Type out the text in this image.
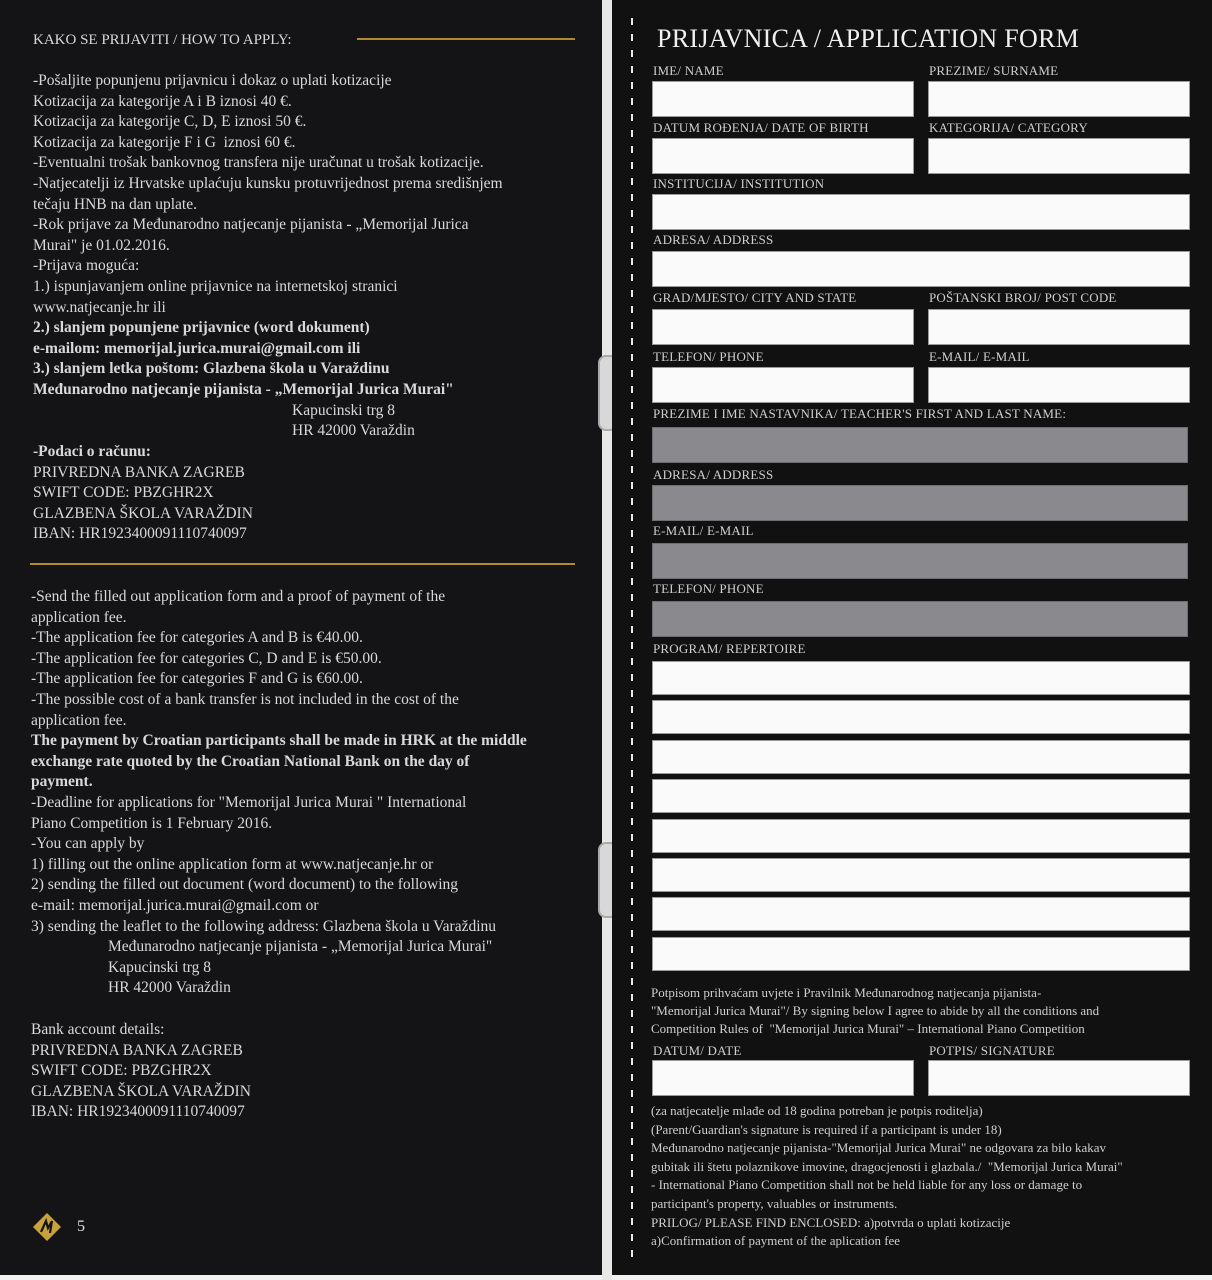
KAKO SE PRIJAVITI / HOW TO APPLY:
-Pošaljite popunjenu prijavnicu i dokaz o uplati kotizacije
Kotizacija za kategorije A i B iznosi 40 €.
Kotizacija za kategorije C, D, E iznosi 50 €.
Kotizacija za kategorije F i G  iznosi 60 €.
-Eventualni trošak bankovnog transfera nije uračunat u trošak kotizacije.
-Natjecatelji iz Hrvatske uplaćuju kunsku protuvrijednost prema središnjem
tečaju HNB na dan uplate.
-Rok prijave za Međunarodno natjecanje pijanista - „Memorijal Jurica
Murai" je 01.02.2016.
-Prijava moguća:
1.) ispunjavanjem online prijavnice na internetskoj stranici
www.natjecanje.hr ili
2.) slanjem popunjene prijavnice (word dokument)
e-mailom: memorijal.jurica.murai@gmail.com ili
3.) slanjem letka poštom: Glazbena škola u Varaždinu
Međunarodno natjecanje pijanista - „Memorijal Jurica Murai"
Kapucinski trg 8
HR 42000 Varaždin
-Podaci o računu:
PRIVREDNA BANKA ZAGREB
SWIFT CODE: PBZGHR2X
GLAZBENA ŠKOLA VARAŽDIN
IBAN: HR1923400091110740097
-Send the filled out application form and a proof of payment of the
application fee.
-The application fee for categories A and B is €40.00.
-The application fee for categories C, D and E is €50.00.
-The application fee for categories F and G is €60.00.
-The possible cost of a bank transfer is not included in the cost of the
application fee.
The payment by Croatian participants shall be made in HRK at the middle
exchange rate quoted by the Croatian National Bank on the day of
payment.
-Deadline for applications for "Memorijal Jurica Murai " International
Piano Competition is 1 February 2016.
-You can apply by
1) filling out the online application form at www.natjecanje.hr or
2) sending the filled out document (word document) to the following
e-mail: memorijal.jurica.murai@gmail.com or
3) sending the leaflet to the following address: Glazbena škola u Varaždinu
Međunarodno natjecanje pijanista - „Memorijal Jurica Murai"
Kapucinski trg 8
HR 42000 Varaždin
Bank account details:
PRIVREDNA BANKA ZAGREB
SWIFT CODE: PBZGHR2X
GLAZBENA ŠKOLA VARAŽDIN
IBAN: HR1923400091110740097
5
PRIJAVNICA / APPLICATION FORM
IME/ NAME	PREZIME/ SURNAME
DATUM ROĐENJA/ DATE OF BIRTH	KATEGORIJA/ CATEGORY
INSTITUCIJA/ INSTITUTION
ADRESA/ ADDRESS
GRAD/MJESTO/ CITY AND STATE	POŠTANSKI BROJ/ POST CODE
TELEFON/ PHONE	E-MAIL/ E-MAIL
PREZIME I IME NASTAVNIKA/ TEACHER'S FIRST AND LAST NAME:
ADRESA/ ADDRESS
E-MAIL/ E-MAIL
TELEFON/ PHONE
PROGRAM/ REPERTOIRE
Potpisom prihvaćam uvjete i Pravilnik Međunarodnog natjecanja pijanista-
"Memorijal Jurica Murai"/ By signing below I agree to abide by all the conditions and
Competition Rules of  "Memorijal Jurica Murai" – International Piano Competition
DATUM/ DATE	POTPIS/ SIGNATURE
(za natjecatelje mlađe od 18 godina potreban je potpis roditelja)
(Parent/Guardian's signature is required if a participant is under 18)
Međunarodno natjecanje pijanista-"Memorijal Jurica Murai" ne odgovara za bilo kakav
gubitak ili štetu polaznikove imovine, dragocjenosti i glazbala./  "Memorijal Jurica Murai"
- International Piano Competition shall not be held liable for any loss or damage to
participant's property, valuables or instruments.
PRILOG/ PLEASE FIND ENCLOSED: a)potvrda o uplati kotizacije
a)Confirmation of payment of the aplication fee
